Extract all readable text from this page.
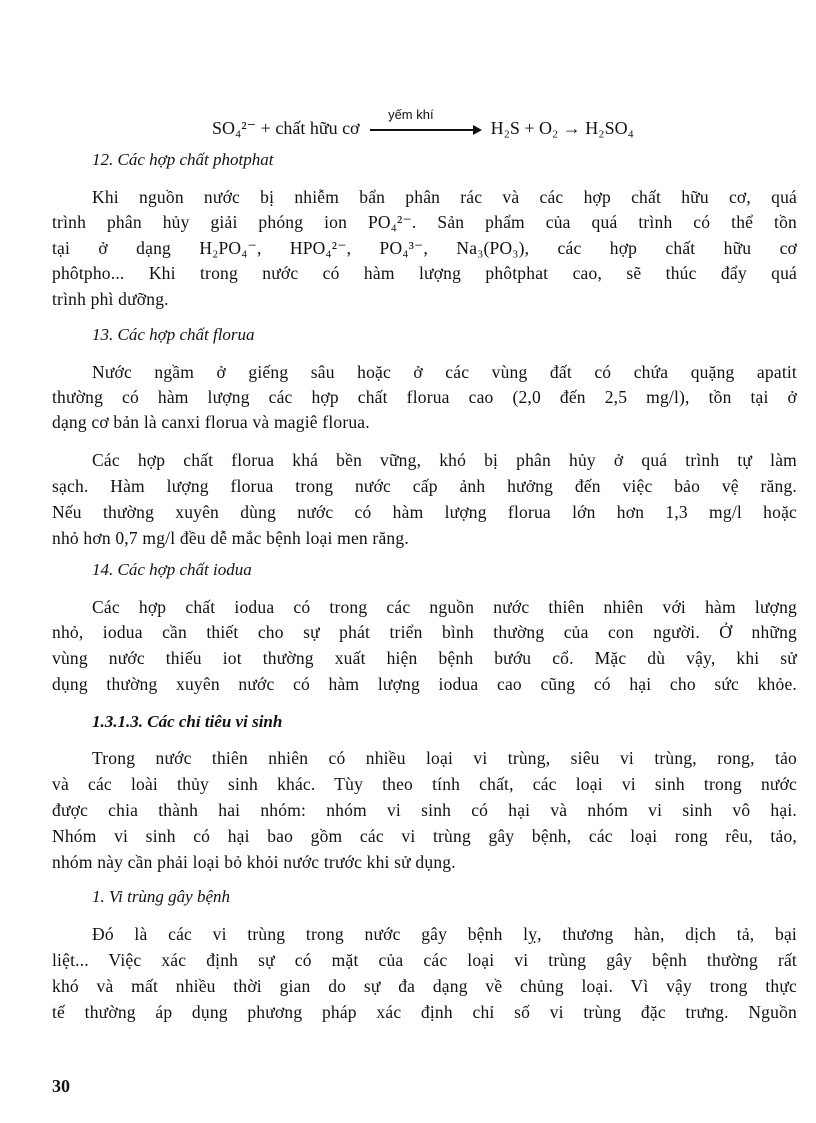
SO₄²⁻ + chất hữu cơ
yếm khí
H₂S + O₂ → H₂SO₄
12. Các hợp chất photphat
Khi nguồn nước bị nhiễm bẩn phân rác và các hợp chất hữu cơ, quá
trình phân hủy giải phóng ion PO₄²⁻. Sản phẩm của quá trình có thể tồn
tại ở dạng H₂PO₄⁻, HPO₄²⁻, PO₄³⁻, Na₃(PO₃), các hợp chất hữu cơ
phôtpho... Khi trong nước có hàm lượng phôtphat cao, sẽ thúc đẩy quá
trình phì dưỡng.
13. Các hợp chất florua
Nước ngầm ở giếng sâu hoặc ở các vùng đất có chứa quặng apatit
thường có hàm lượng các hợp chất florua cao (2,0 đến 2,5 mg/l), tồn tại ở
dạng cơ bản là canxi florua và magiê florua.
Các hợp chất florua khá bền vững, khó bị phân hủy ở quá trình tự làm
sạch. Hàm lượng florua trong nước cấp ảnh hưởng đến việc bảo vệ răng.
Nếu thường xuyên dùng nước có hàm lượng florua lớn hơn 1,3 mg/l hoặc
nhỏ hơn 0,7 mg/l đều dễ mắc bệnh loại men răng.
14. Các hợp chất iodua
Các hợp chất iodua có trong các nguồn nước thiên nhiên với hàm lượng
nhỏ, iodua cần thiết cho sự phát triển bình thường của con người. Ở những
vùng nước thiếu iot thường xuất hiện bệnh bướu cổ. Mặc dù vậy, khi sử
dụng thường xuyên nước có hàm lượng iodua cao cũng có hại cho sức khỏe.
1.3.1.3. Các chỉ tiêu vi sinh
Trong nước thiên nhiên có nhiều loại vi trùng, siêu vi trùng, rong, tảo
và các loài thủy sinh khác. Tùy theo tính chất, các loại vi sinh trong nước
được chia thành hai nhóm: nhóm vi sinh có hại và nhóm vi sinh vô hại.
Nhóm vi sinh có hại bao gồm các vi trùng gây bệnh, các loại rong rêu, tảo,
nhóm này cần phải loại bỏ khỏi nước trước khi sử dụng.
1. Vi trùng gây bệnh
Đó là các vi trùng trong nước gây bệnh lỵ, thương hàn, dịch tả, bại
liệt... Việc xác định sự có mặt của các loại vi trùng gây bệnh thường rất
khó và mất nhiều thời gian do sự đa dạng về chủng loại. Vì vậy trong thực
tế thường áp dụng phương pháp xác định chỉ số vi trùng đặc trưng. Nguồn
30
